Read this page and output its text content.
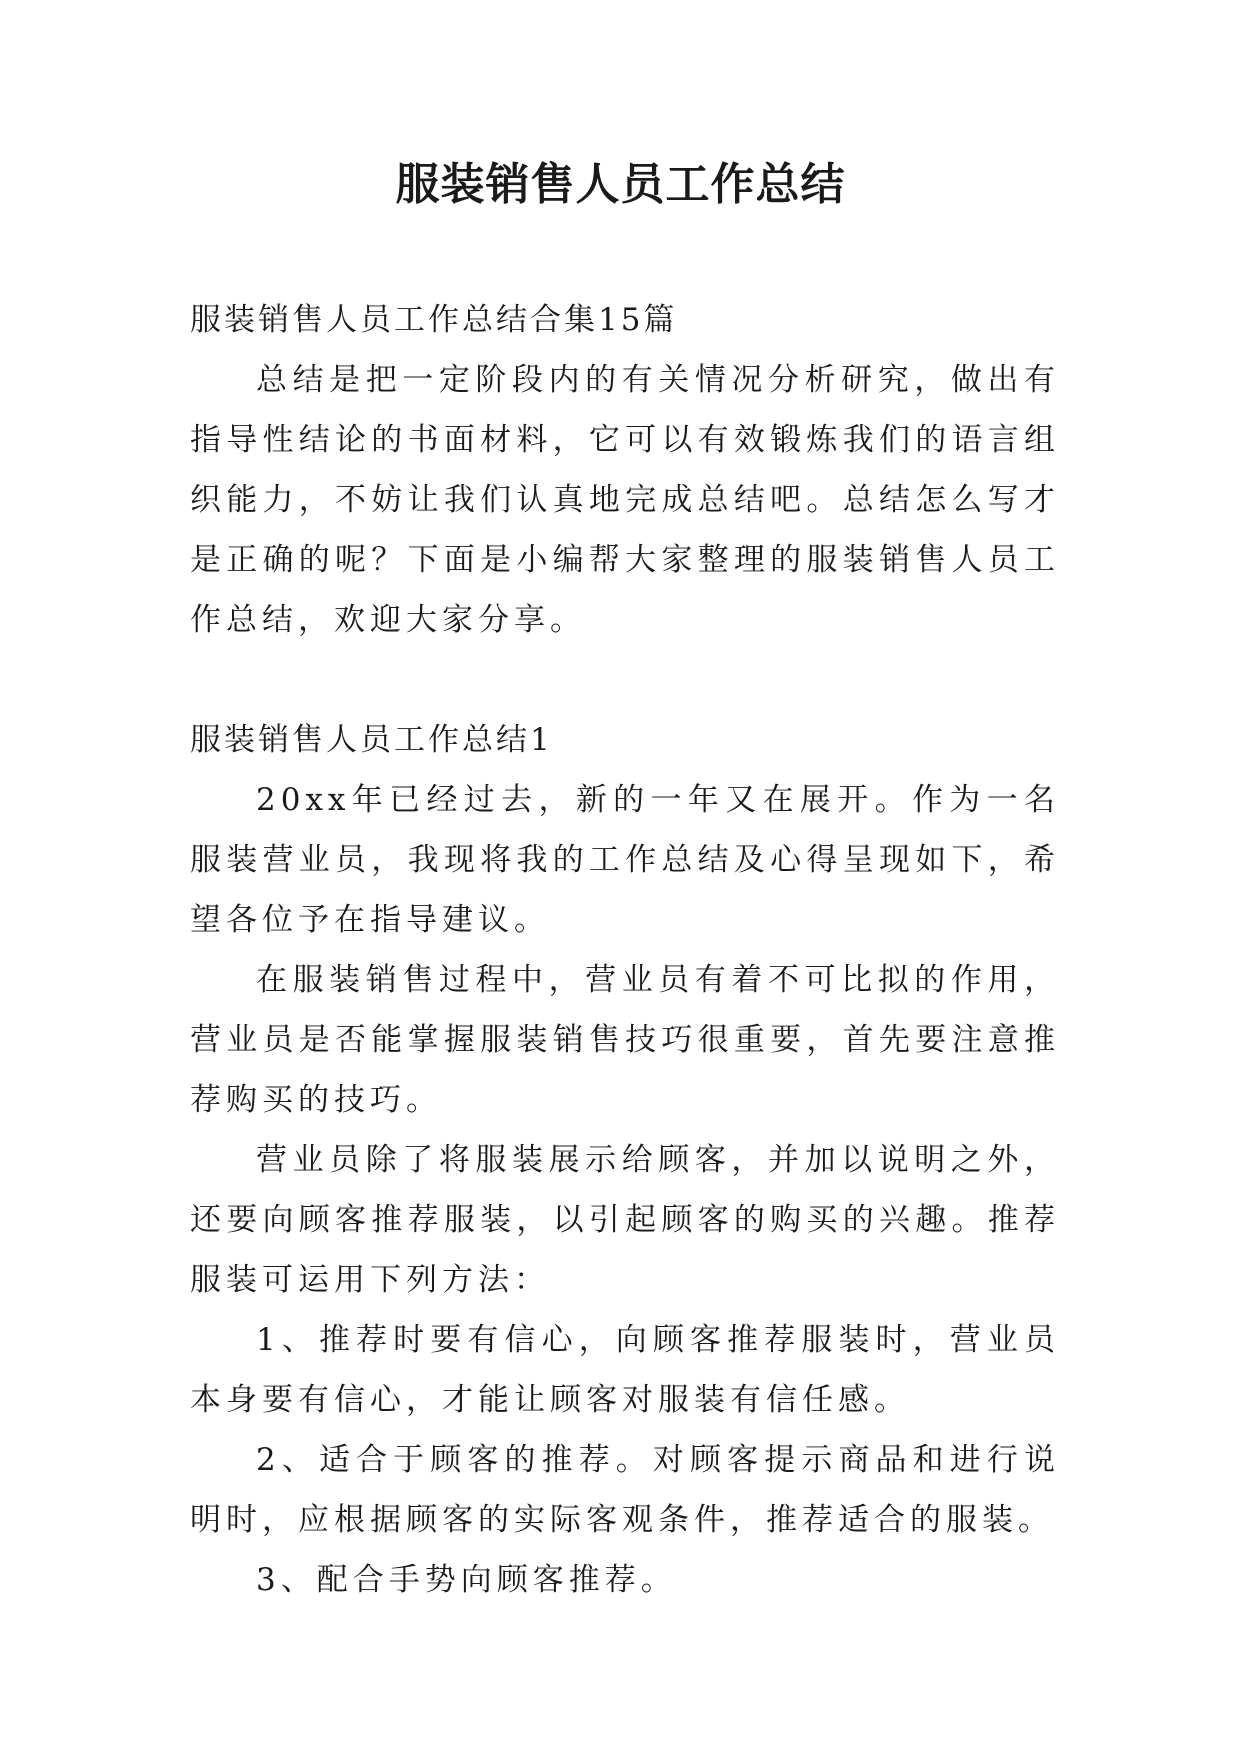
服装销售人员工作总结

服装销售人员工作总结合集15篇

总结是把一定阶段内的有关情况分析研究，做出有指导性结论的书面材料，它可以有效锻炼我们的语言组织能力，不妨让我们认真地完成总结吧。总结怎么写才是正确的呢？下面是小编帮大家整理的服装销售人员工作总结，欢迎大家分享。

服装销售人员工作总结1

20xx年已经过去，新的一年又在展开。作为一名服装营业员，我现将我的工作总结及心得呈现如下，希望各位予在指导建议。

在服装销售过程中，营业员有着不可比拟的作用，营业员是否能掌握服装销售技巧很重要，首先要注意推荐购买的技巧。

营业员除了将服装展示给顾客，并加以说明之外，还要向顾客推荐服装，以引起顾客的购买的兴趣。推荐服装可运用下列方法：

1、推荐时要有信心，向顾客推荐服装时，营业员本身要有信心，才能让顾客对服装有信任感。

2、适合于顾客的推荐。对顾客提示商品和进行说明时，应根据顾客的实际客观条件，推荐适合的服装。

3、配合手势向顾客推荐。
